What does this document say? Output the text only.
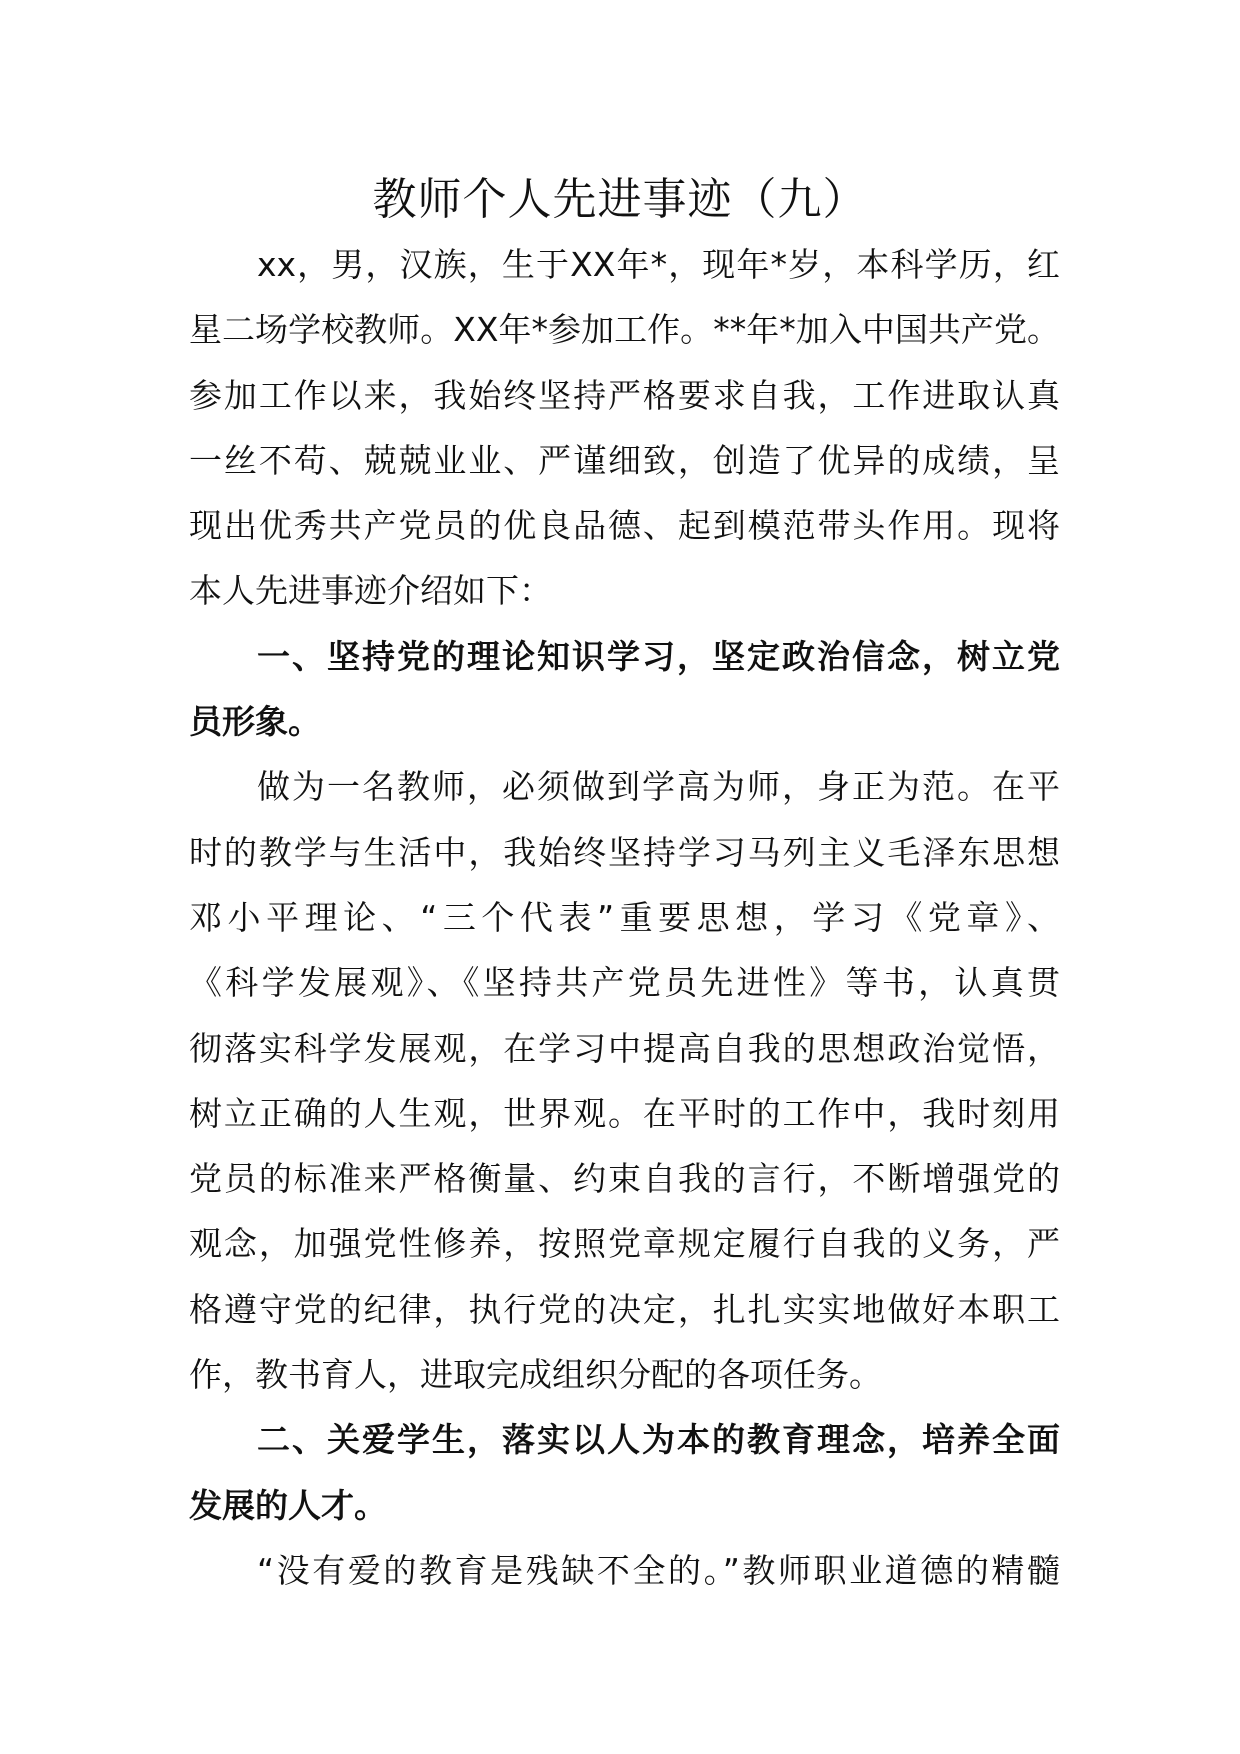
教师个人先进事迹（九）
xx，男，汉族，生于XX年*，现年*岁，本科学历，红
星二场学校教师。XX年*参加工作。**年*加入中国共产党。
参加工作以来，我始终坚持严格要求自我，工作进取认真
一丝不苟、兢兢业业、严谨细致，创造了优异的成绩，呈
现出优秀共产党员的优良品德、起到模范带头作用。现将
本人先进事迹介绍如下：
一、坚持党的理论知识学习，坚定政治信念，树立党
员形象。
做为一名教师，必须做到学高为师，身正为范。在平
时的教学与生活中，我始终坚持学习马列主义毛泽东思想
邓小平理论、“三个代表”重要思想，学习《党章》、
《科学发展观》、《坚持共产党员先进性》等书，认真贯
彻落实科学发展观，在学习中提高自我的思想政治觉悟，
树立正确的人生观，世界观。在平时的工作中，我时刻用
党员的标准来严格衡量、约束自我的言行，不断增强党的
观念，加强党性修养，按照党章规定履行自我的义务，严
格遵守党的纪律，执行党的决定，扎扎实实地做好本职工
作，教书育人，进取完成组织分配的各项任务。
二、关爱学生，落实以人为本的教育理念，培养全面
发展的人才。
“没有爱的教育是残缺不全的。”教师职业道德的精髓
